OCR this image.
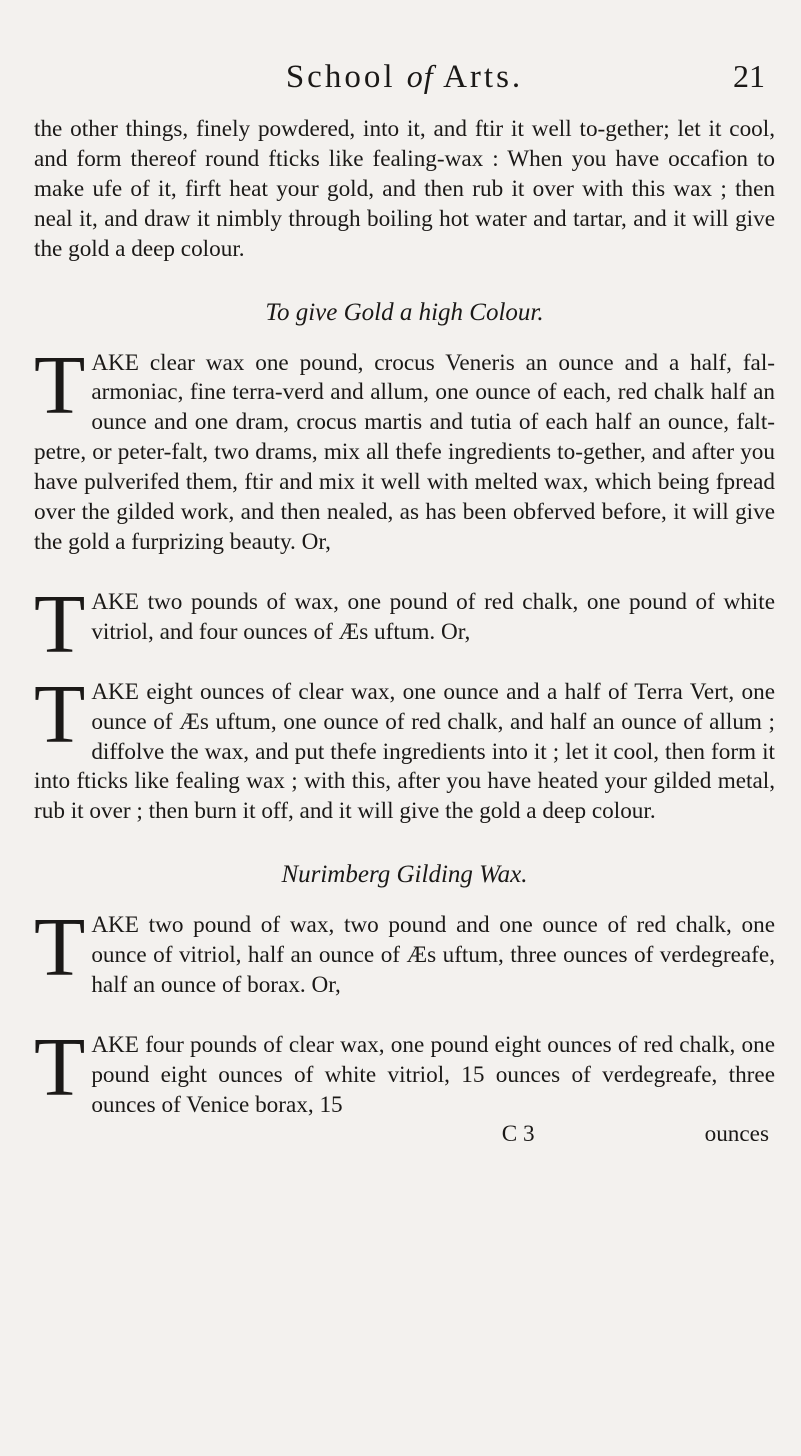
School of Arts.	21

the other things, finely powdered, into it, and ftir it well to-gether; let it cool, and form thereof round fticks like fealing-wax : When you have occafion to make ufe of it, firft heat your gold, and then rub it over with this wax ; then neal it, and draw it nimbly through boiling hot water and tartar, and it will give the gold a deep colour.

To give Gold a high Colour.
T AKE clear wax one pound, crocus Veneris an ounce and a half, fal-armoniac, fine terra-verd and allum, one ounce of each, red chalk half an ounce and one dram, crocus martis and tutia of each half an ounce, falt-petre, or peter-falt, two drams, mix all thefe ingredients to-gether, and after you have pulverifed them, ftir and mix it well with melted wax, which being fpread over the gilded work, and then nealed, as has been obferved before, it will give the gold a furprizing beauty. Or,

T AKE two pounds of wax, one pound of red chalk, one pound of white vitriol, and four ounces of Æs uftum. Or,

T AKE eight ounces of clear wax, one ounce and a half of Terra Vert, one ounce of Æs uftum, one ounce of red chalk, and half an ounce of allum ; diffolve the wax, and put thefe ingredients into it ; let it cool, then form it into fticks like fealing wax ; with this, after you have heated your gilded metal, rub it over ; then burn it off, and it will give the gold a deep colour.

Nurimberg Gilding Wax.
T AKE two pound of wax, two pound and one ounce of red chalk, one ounce of vitriol, half an ounce of Æs uftum, three ounces of verdegreafe, half an ounce of borax. Or,

T AKE four pounds of clear wax, one pound eight ounces of red chalk, one pound eight ounces of white vitriol, 15 ounces of verdegreafe, three ounces of Venice borax, 15

C 3	ounces
